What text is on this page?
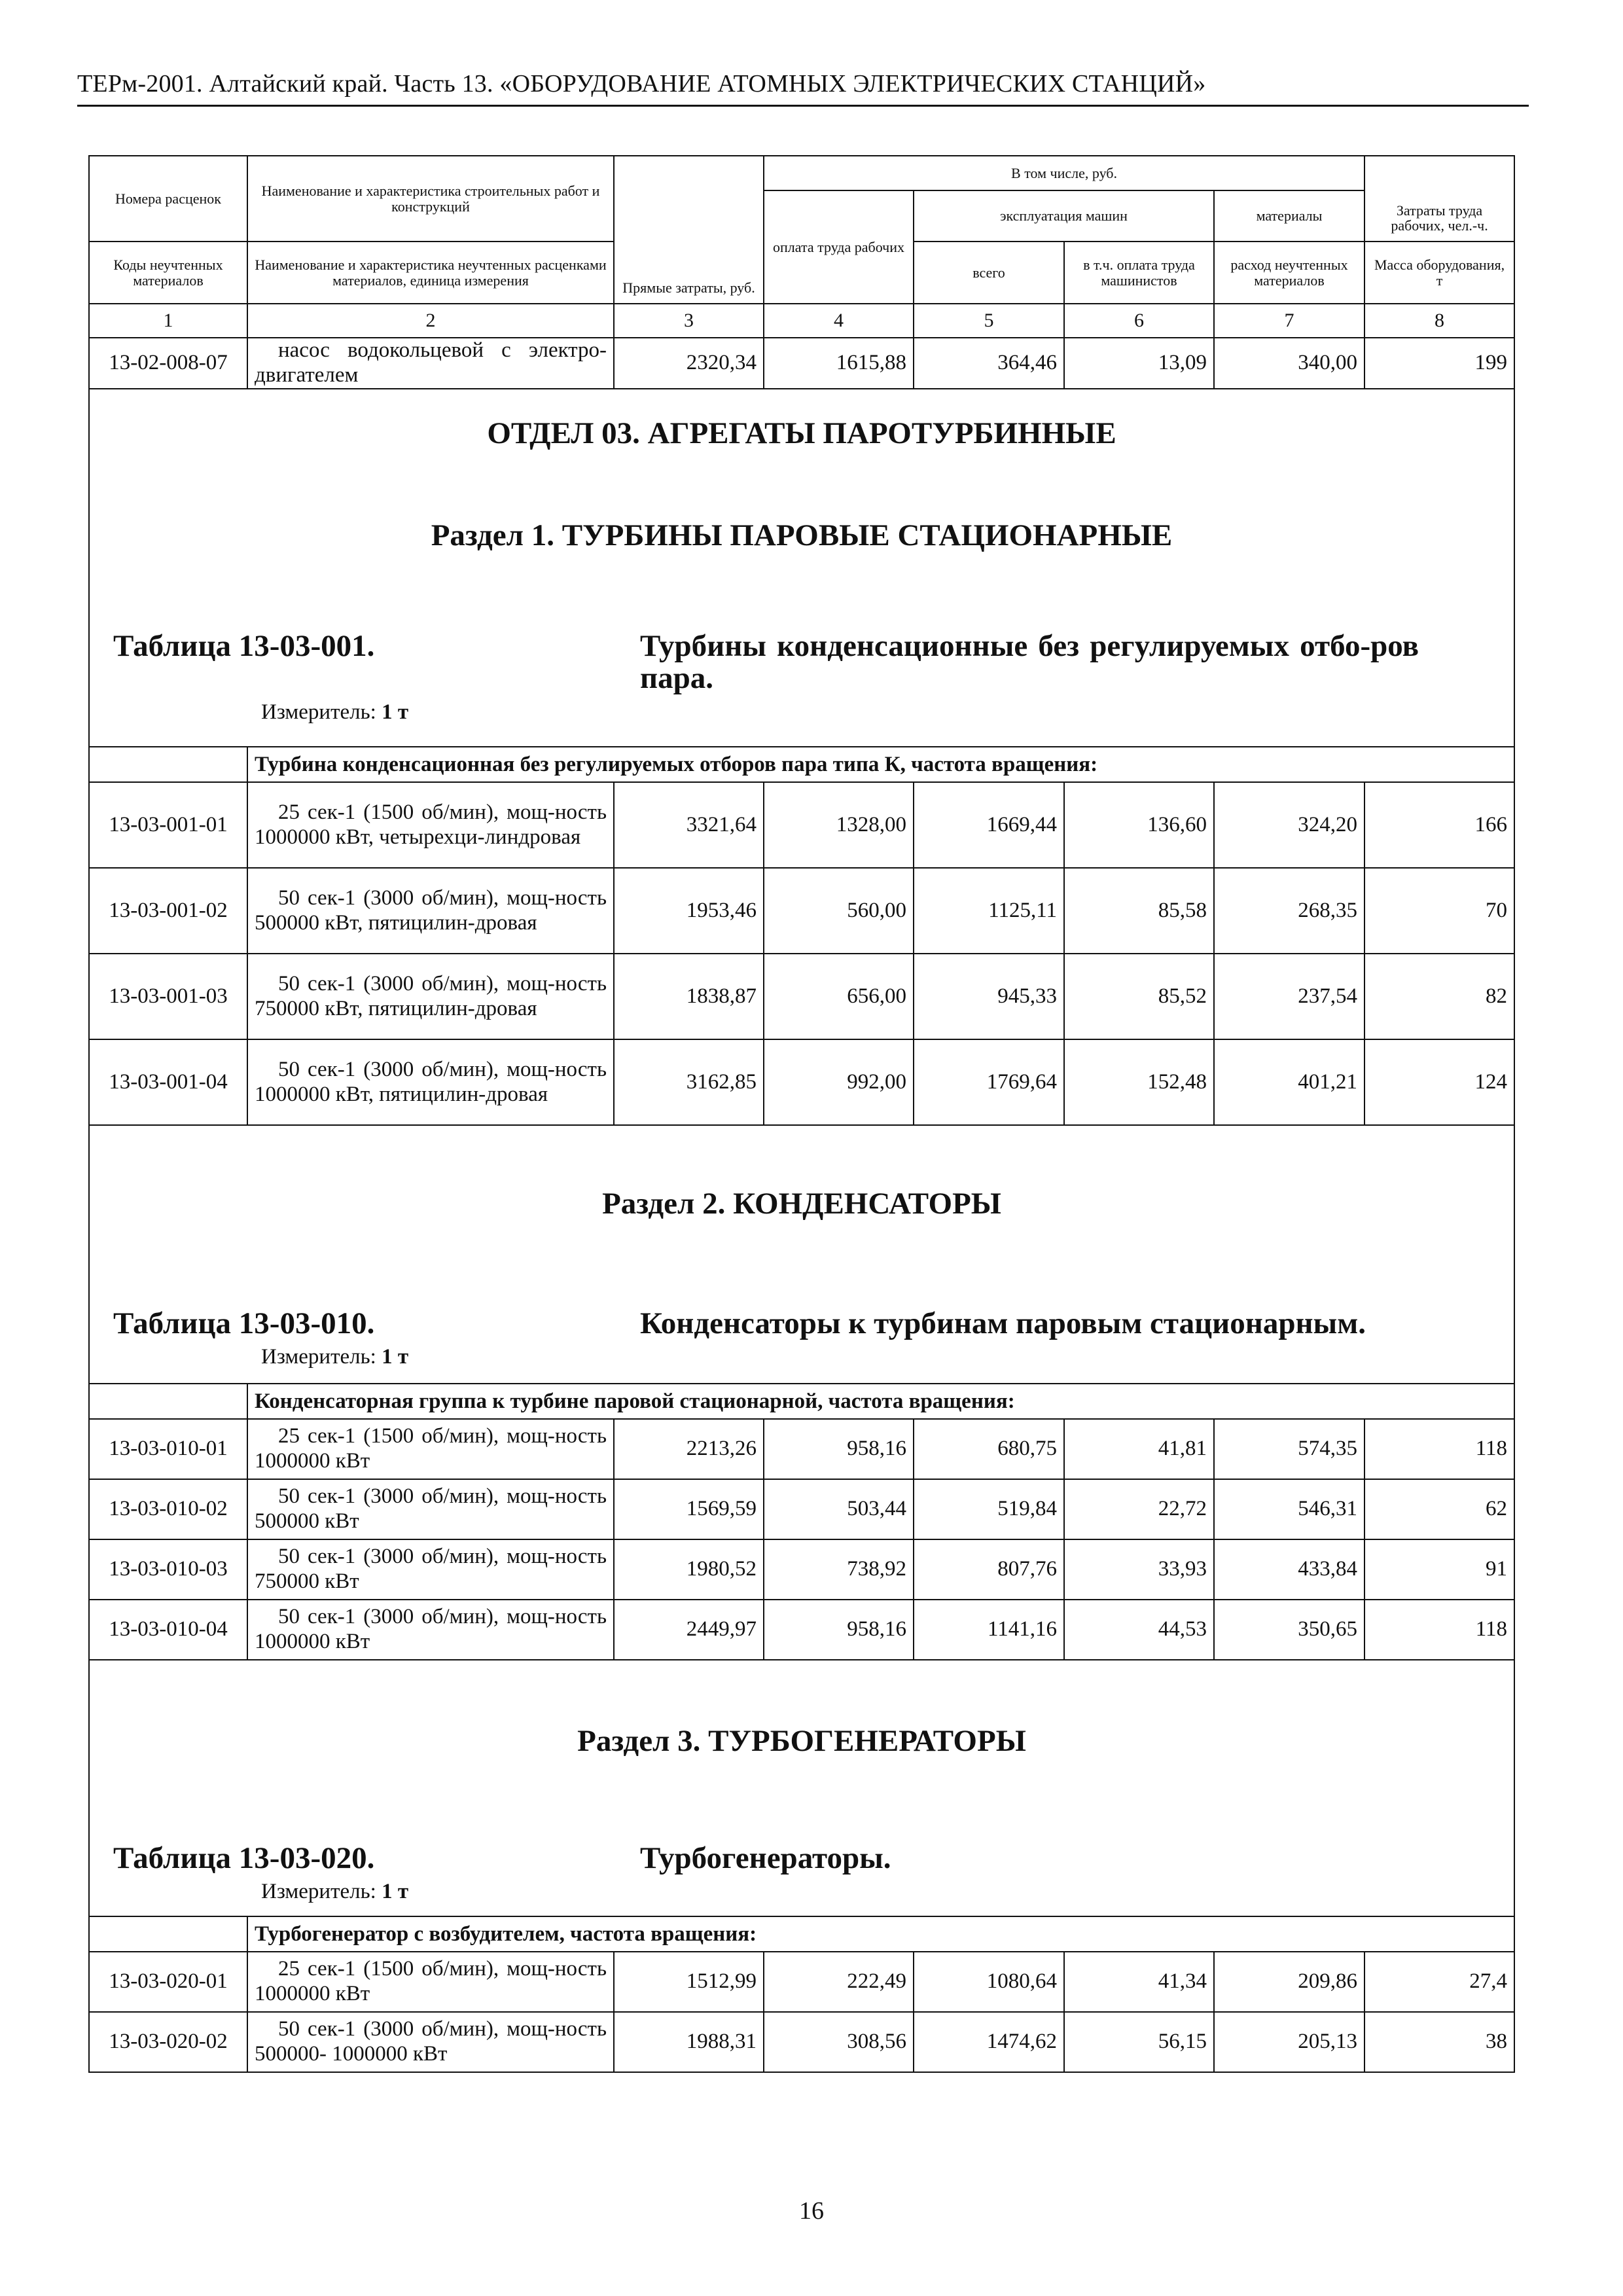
ТЕРм-2001. Алтайский край. Часть 13. «ОБОРУДОВАНИЕ АТОМНЫХ ЭЛЕКТРИЧЕСКИХ СТАНЦИЙ»
Номера расценок	Наименование и характеристика строительных работ и конструкций	Прямые затраты, руб.	В том числе, руб.				Затраты труда рабочих, чел.-ч.
			оплата труда рабочих	эксплуатация машин		материалы	
Коды неучтенных материалов	Наименование и характеристика неучтенных расценками материалов, единица измерения			всего	в т.ч. оплата труда машинистов	расход неучтенных материалов	Масса оборудования, т
1	2	3	4	5	6	7	8
13-02-008-07	насос водокольцевой с электро-двигателем	2320,34	1615,88	364,46	13,09	340,00	199

ОТДЕЛ 03. АГРЕГАТЫ ПАРОТУРБИННЫЕ
Раздел 1. ТУРБИНЫ ПАРОВЫЕ СТАЦИОНАРНЫЕ
Таблица 13-03-001. Турбины конденсационные без регулируемых отбо-ров пара.
Измеритель: 1 т							

	Турбина конденсационная без регулируемых отборов пара типа К, частота вращения:						
13-03-001-01	25 сек-1 (1500 об/мин), мощ-ность 1000000 кВт, четырехци-линдровая	3321,64	1328,00	1669,44	136,60	324,20	166
13-03-001-02	50 сек-1 (3000 об/мин), мощ-ность 500000 кВт, пятицилин-дровая	1953,46	560,00	1125,11	85,58	268,35	70
13-03-001-03	50 сек-1 (3000 об/мин), мощ-ность 750000 кВт, пятицилин-дровая	1838,87	656,00	945,33	85,52	237,54	82
13-03-001-04	50 сек-1 (3000 об/мин), мощ-ность 1000000 кВт, пятицилин-дровая	3162,85	992,00	1769,64	152,48	401,21	124

Раздел 2. КОНДЕНСАТОРЫ
Таблица 13-03-010. Конденсаторы к турбинам паровым стационарным.
Измеритель: 1 т							

	Конденсаторная группа к турбине паровой стационарной, частота вращения:						
13-03-010-01	25 сек-1 (1500 об/мин), мощ-ность 1000000 кВт	2213,26	958,16	680,75	41,81	574,35	118
13-03-010-02	50 сек-1 (3000 об/мин), мощ-ность 500000 кВт	1569,59	503,44	519,84	22,72	546,31	62
13-03-010-03	50 сек-1 (3000 об/мин), мощ-ность 750000 кВт	1980,52	738,92	807,76	33,93	433,84	91
13-03-010-04	50 сек-1 (3000 об/мин), мощ-ность 1000000 кВт	2449,97	958,16	1141,16	44,53	350,65	118

Раздел 3. ТУРБОГЕНЕРАТОРЫ
Таблица 13-03-020. Турбогенераторы.
Измеритель: 1 т							

	Турбогенератор с возбудителем, частота вращения:						
13-03-020-01	25 сек-1 (1500 об/мин), мощ-ность 1000000 кВт	1512,99	222,49	1080,64	41,34	209,86	27,4
13-03-020-02	50 сек-1 (3000 об/мин), мощ-ность 500000- 1000000 кВт	1988,31	308,56	1474,62	56,15	205,13	38
16
